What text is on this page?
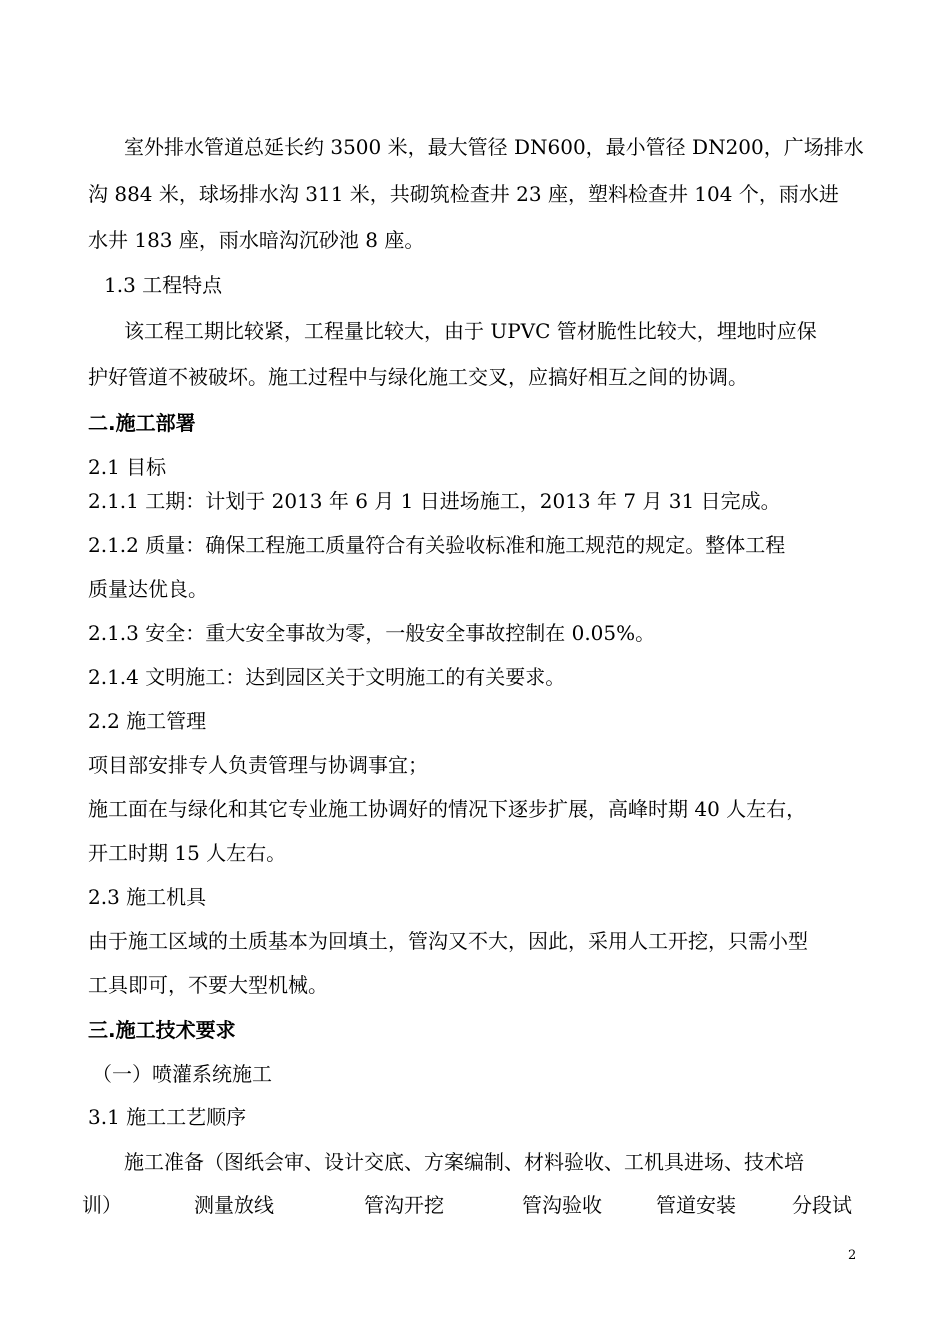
室外排水管道总延长约 3500 米，最大管径 DN600，最小管径 DN200，广场排水
沟 884 米，球场排水沟 311 米，共砌筑检查井 23 座，塑料检查井 104 个，雨水进
水井 183 座，雨水暗沟沉砂池 8 座。
1.3 工程特点
该工程工期比较紧，工程量比较大，由于 UPVC 管材脆性比较大，埋地时应保
护好管道不被破坏。施工过程中与绿化施工交叉，应搞好相互之间的协调。
二.施工部署
2.1 目标
2.1.1 工期：计划于 2013 年 6 月 1 日进场施工，2013 年 7 月 31 日完成。
2.1.2 质量：确保工程施工质量符合有关验收标准和施工规范的规定。整体工程
质量达优良。
2.1.3 安全：重大安全事故为零，一般安全事故控制在 0.05%。
2.1.4 文明施工：达到园区关于文明施工的有关要求。
2.2 施工管理
项目部安排专人负责管理与协调事宜；
施工面在与绿化和其它专业施工协调好的情况下逐步扩展，高峰时期 40 人左右，
开工时期 15 人左右。
2.3 施工机具
由于施工区域的土质基本为回填土，管沟又不大，因此，采用人工开挖，只需小型
工具即可，不要大型机械。
三.施工技术要求
（一）喷灌系统施工
3.1 施工工艺顺序
施工准备（图纸会审、设计交底、方案编制、材料验收、工机具进场、技术培
训）	测量放线	管沟开挖	管沟验收	管道安装	分段试
2
